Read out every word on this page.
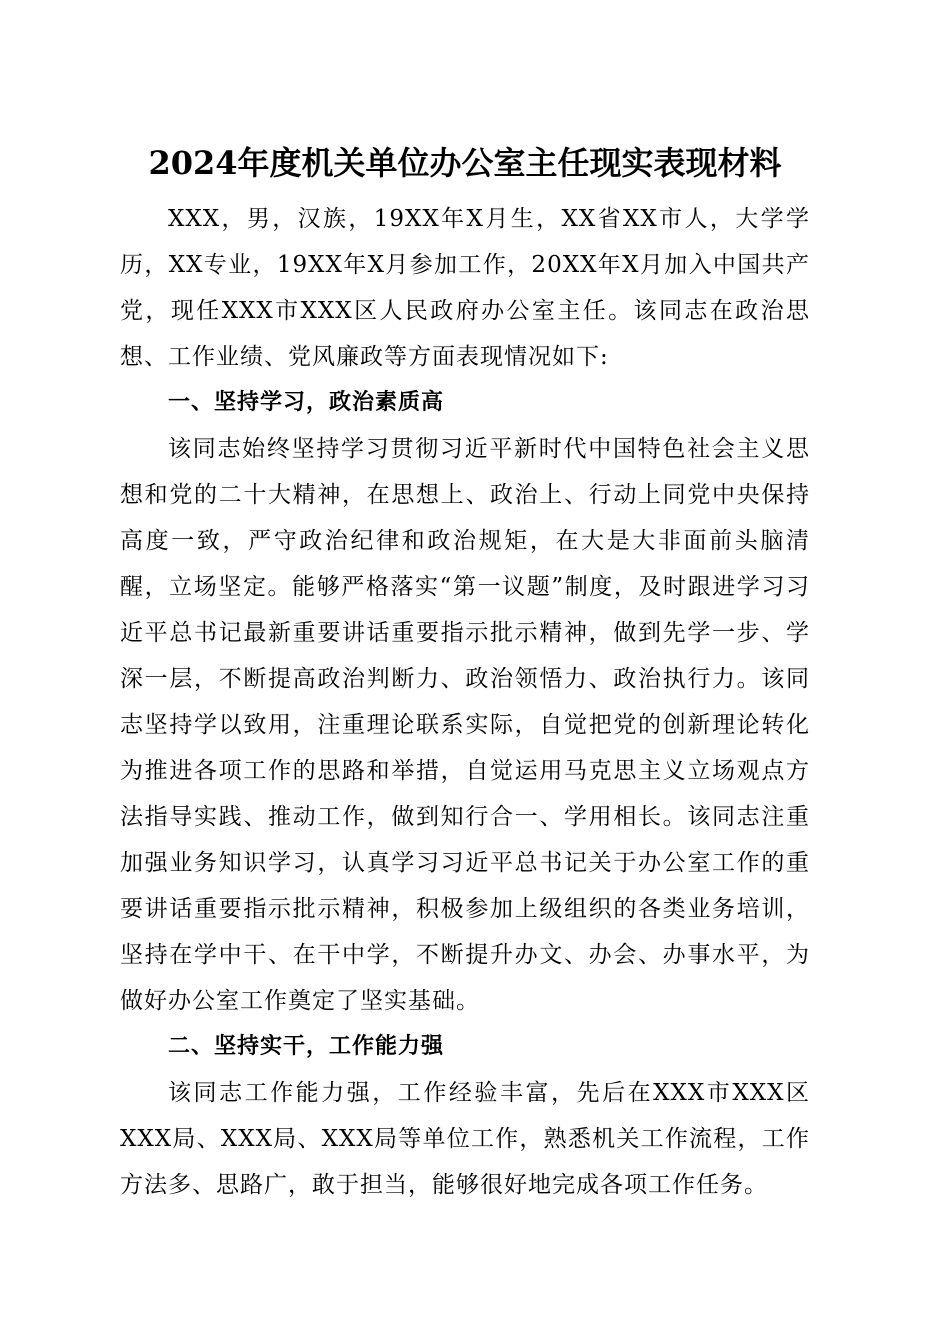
2024年度机关单位办公室主任现实表现材料

XXX，男，汉族，19XX年X月生，XX省XX市人，大学学历，XX专业，19XX年X月参加工作，20XX年X月加入中国共产党，现任XXX市XXX区人民政府办公室主任。该同志在政治思想、工作业绩、党风廉政等方面表现情况如下:

一、坚持学习，政治素质高

该同志始终坚持学习贯彻习近平新时代中国特色社会主义思想和党的二十大精神，在思想上、政治上、行动上同党中央保持高度一致，严守政治纪律和政治规矩，在大是大非面前头脑清醒，立场坚定。能够严格落实“第一议题”制度，及时跟进学习习近平总书记最新重要讲话重要指示批示精神，做到先学一步、学深一层，不断提高政治判断力、政治领悟力、政治执行力。该同志坚持学以致用，注重理论联系实际，自觉把党的创新理论转化为推进各项工作的思路和举措，自觉运用马克思主义立场观点方法指导实践、推动工作，做到知行合一、学用相长。该同志注重加强业务知识学习，认真学习习近平总书记关于办公室工作的重要讲话重要指示批示精神，积极参加上级组织的各类业务培训，坚持在学中干、在干中学，不断提升办文、办会、办事水平，为做好办公室工作奠定了坚实基础。

二、坚持实干，工作能力强

该同志工作能力强，工作经验丰富，先后在XXX市XXX区XXX局、XXX局、XXX局等单位工作，熟悉机关工作流程，工作方法多、思路广，敢于担当，能够很好地完成各项工作任务。
